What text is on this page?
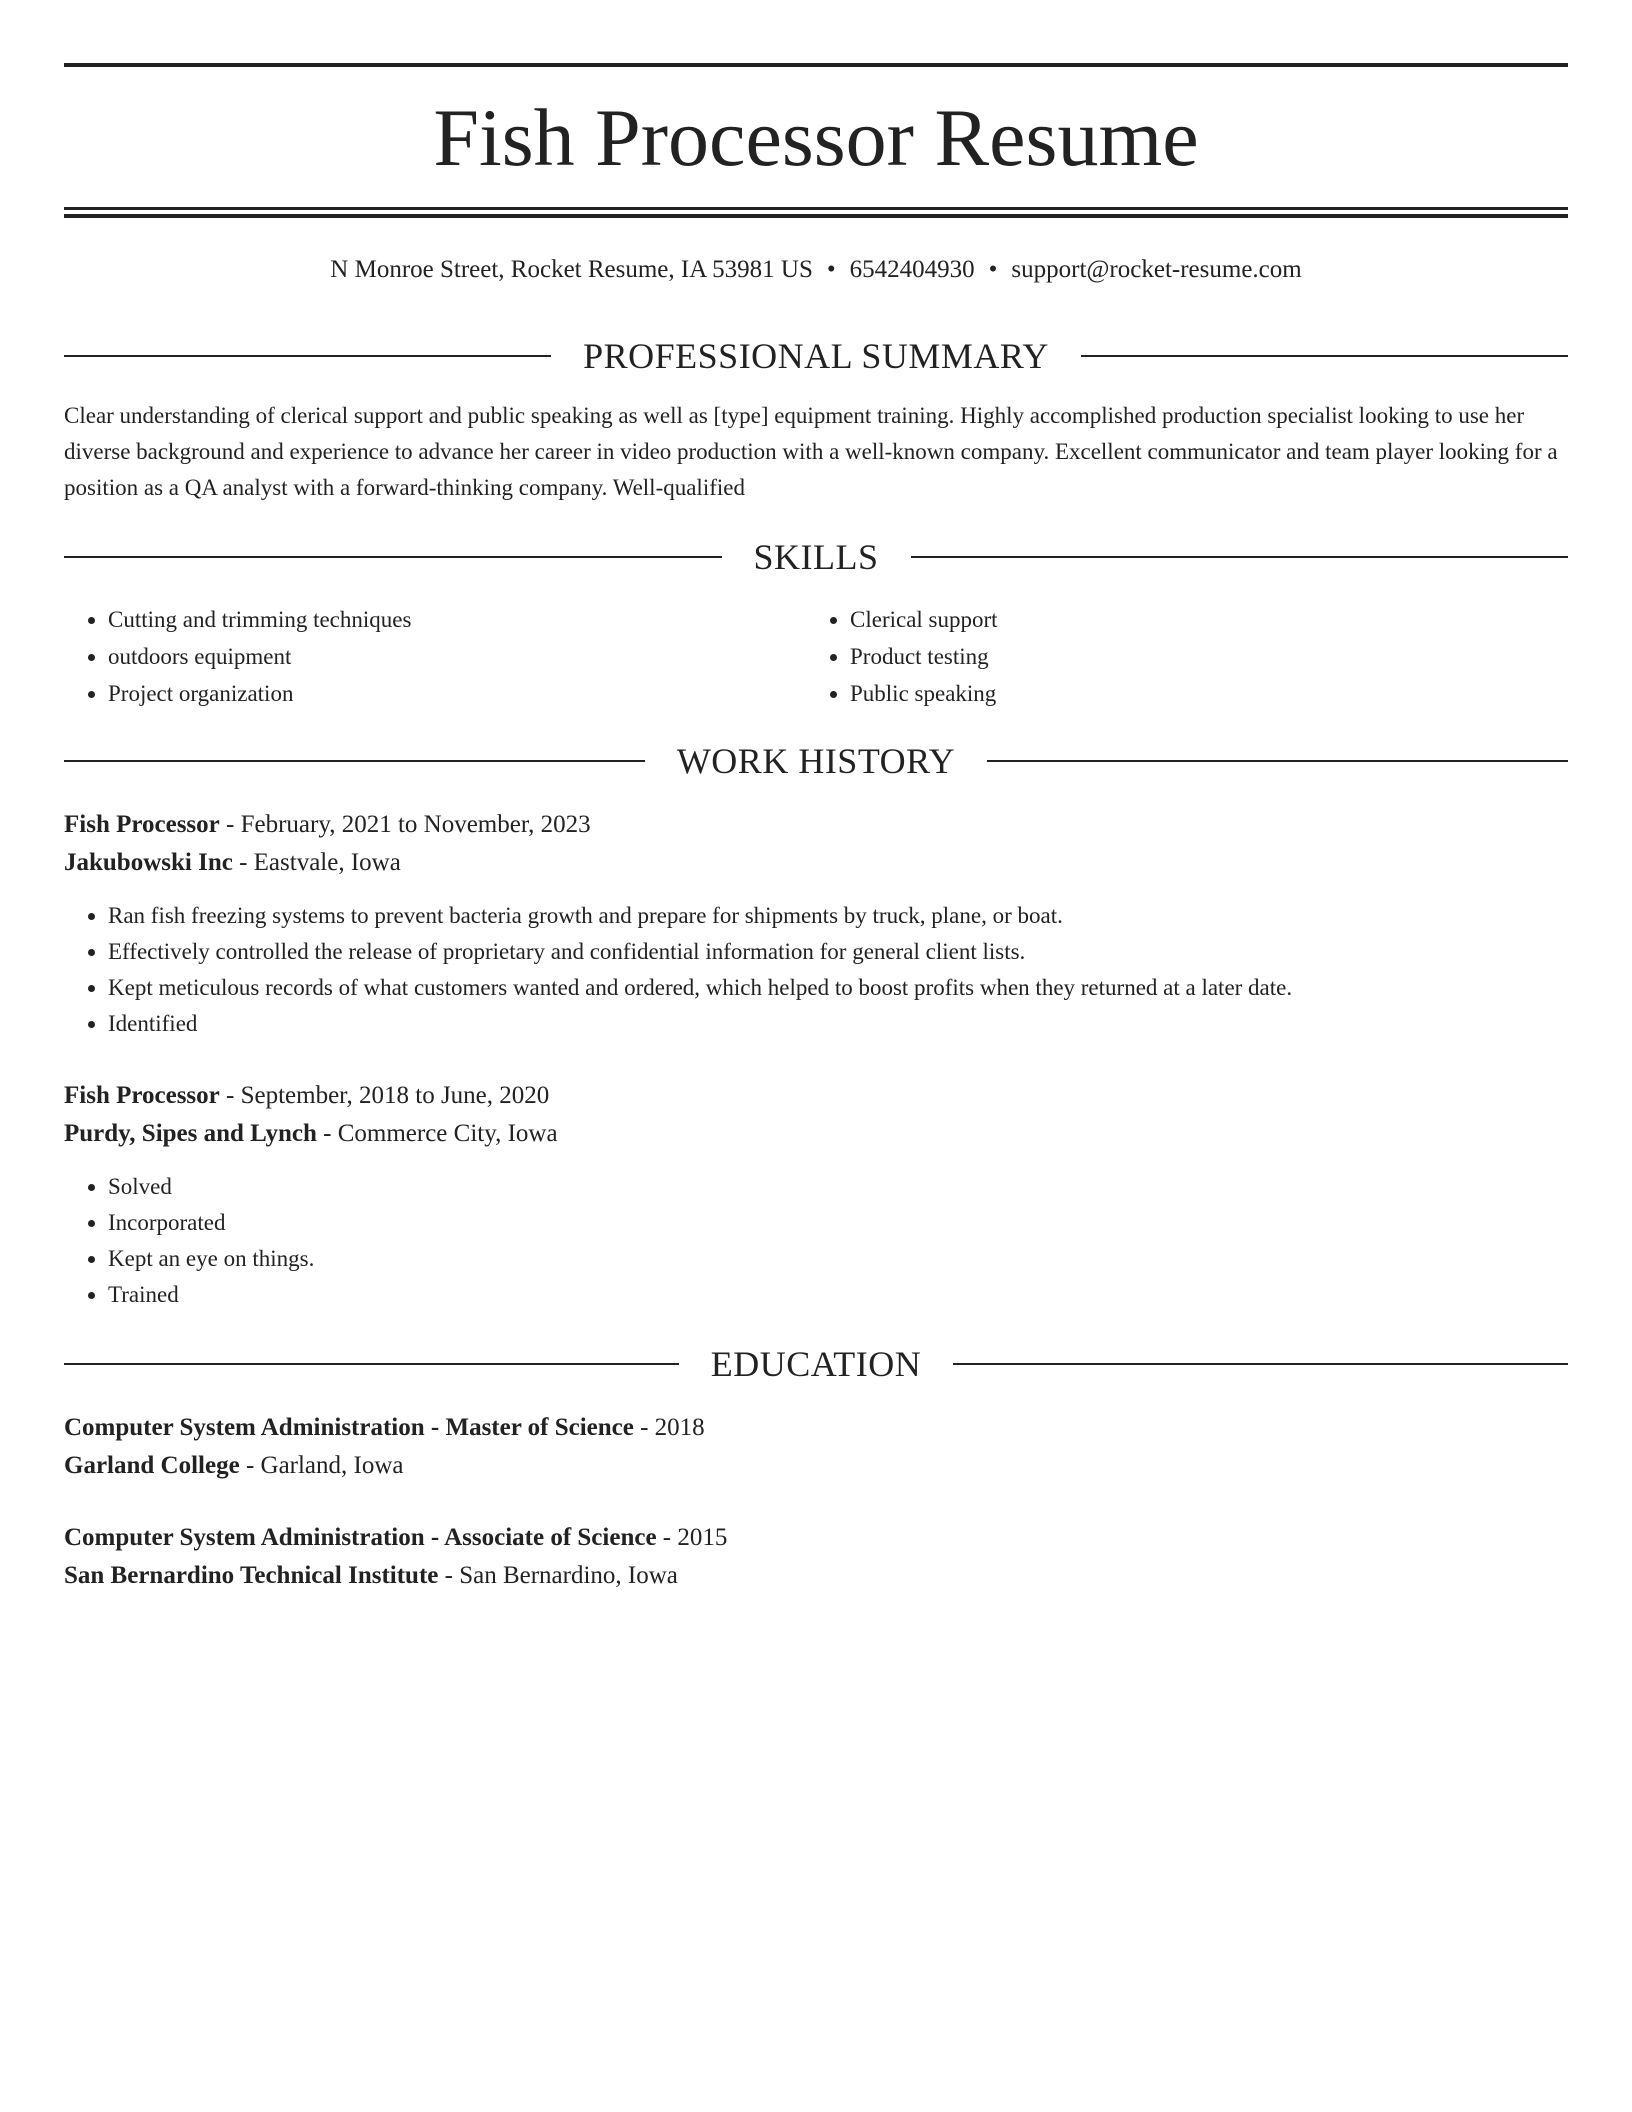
Fish Processor Resume
N Monroe Street, Rocket Resume, IA 53981 US • 6542404930 • support@rocket-resume.com
PROFESSIONAL SUMMARY

Clear understanding of clerical support and public speaking as well as [type] equipment training. Highly accomplished production specialist looking to use her diverse background and experience to advance her career in video production with a well-known company. Excellent communicator and team player looking for a position as a QA analyst with a forward-thinking company. Well-qualified

SKILLS
• Cutting and trimming techniques
• outdoors equipment
• Project organization
• Clerical support
• Product testing
• Public speaking
WORK HISTORY

Fish Processor - February, 2021 to November, 2023

Jakubowski Inc - Eastvale, Iowa

• Ran fish freezing systems to prevent bacteria growth and prepare for shipments by truck, plane, or boat.
• Effectively controlled the release of proprietary and confidential information for general client lists.
• Kept meticulous records of what customers wanted and ordered, which helped to boost profits when they returned at a later date.
• Identified

Fish Processor - September, 2018 to June, 2020

Purdy, Sipes and Lynch - Commerce City, Iowa

• Solved
• Incorporated
• Kept an eye on things.
• Trained
EDUCATION

Computer System Administration - Master of Science - 2018

Garland College - Garland, Iowa

Computer System Administration - Associate of Science - 2015

San Bernardino Technical Institute - San Bernardino, Iowa
